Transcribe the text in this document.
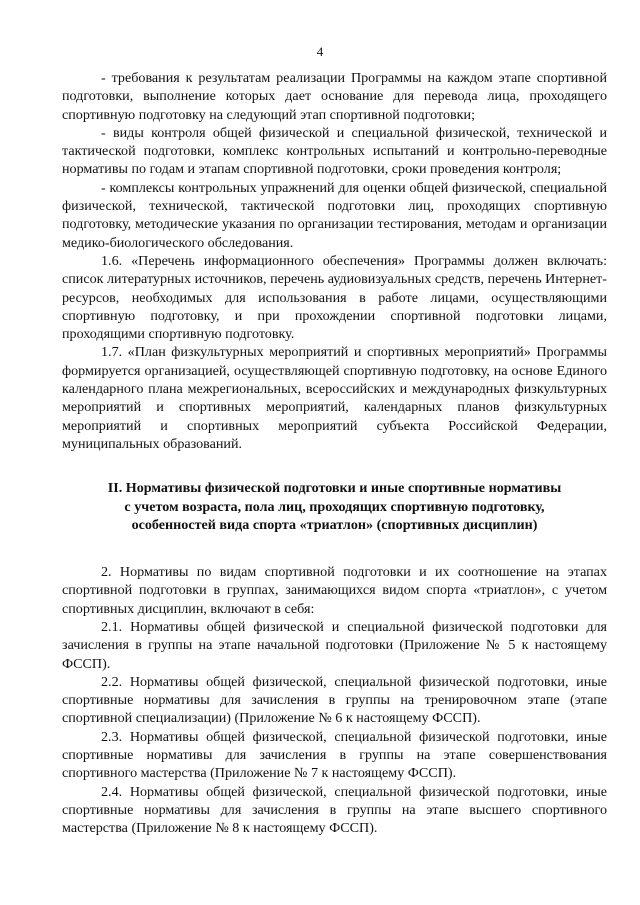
4

- требования к результатам реализации Программы на каждом этапе спортивной подготовки, выполнение которых дает основание для перевода лица, проходящего спортивную подготовку на следующий этап спортивной подготовки;

- виды контроля общей физической и специальной физической, технической и тактической подготовки, комплекс контрольных испытаний и контрольно-переводные нормативы по годам и этапам спортивной подготовки, сроки проведения контроля;

- комплексы контрольных упражнений для оценки общей физической, специальной физической, технической, тактической подготовки лиц, проходящих спортивную подготовку, методические указания по организации тестирования, методам и организации медико-биологического обследования.

1.6. «Перечень информационного обеспечения» Программы должен включать: список литературных источников, перечень аудиовизуальных средств, перечень Интернет-ресурсов, необходимых для использования в работе лицами, осуществляющими спортивную подготовку, и при прохождении спортивной подготовки лицами, проходящими спортивную подготовку.

1.7. «План физкультурных мероприятий и спортивных мероприятий» Программы формируется организацией, осуществляющей спортивную подготовку, на основе Единого календарного плана межрегиональных, всероссийских и международных физкультурных мероприятий и спортивных мероприятий, календарных планов физкультурных мероприятий и спортивных мероприятий субъекта Российской Федерации, муниципальных образований.

II. Нормативы физической подготовки и иные спортивные нормативы
с учетом возраста, пола лиц, проходящих спортивную подготовку,
особенностей вида спорта «триатлон» (спортивных дисциплин)

2. Нормативы по видам спортивной подготовки и их соотношение на этапах спортивной подготовки в группах, занимающихся видом спорта «триатлон», с учетом спортивных дисциплин, включают в себя:

2.1. Нормативы общей физической и специальной физической подготовки для зачисления в группы на этапе начальной подготовки (Приложение № 5 к настоящему ФССП).

2.2. Нормативы общей физической, специальной физической подготовки, иные спортивные нормативы для зачисления в группы на тренировочном этапе (этапе спортивной специализации) (Приложение № 6 к настоящему ФССП).

2.3. Нормативы общей физической, специальной физической подготовки, иные спортивные нормативы для зачисления в группы на этапе совершенствования спортивного мастерства (Приложение № 7 к настоящему ФССП).

2.4. Нормативы общей физической, специальной физической подготовки, иные спортивные нормативы для зачисления в группы на этапе высшего спортивного мастерства (Приложение № 8 к настоящему ФССП).
